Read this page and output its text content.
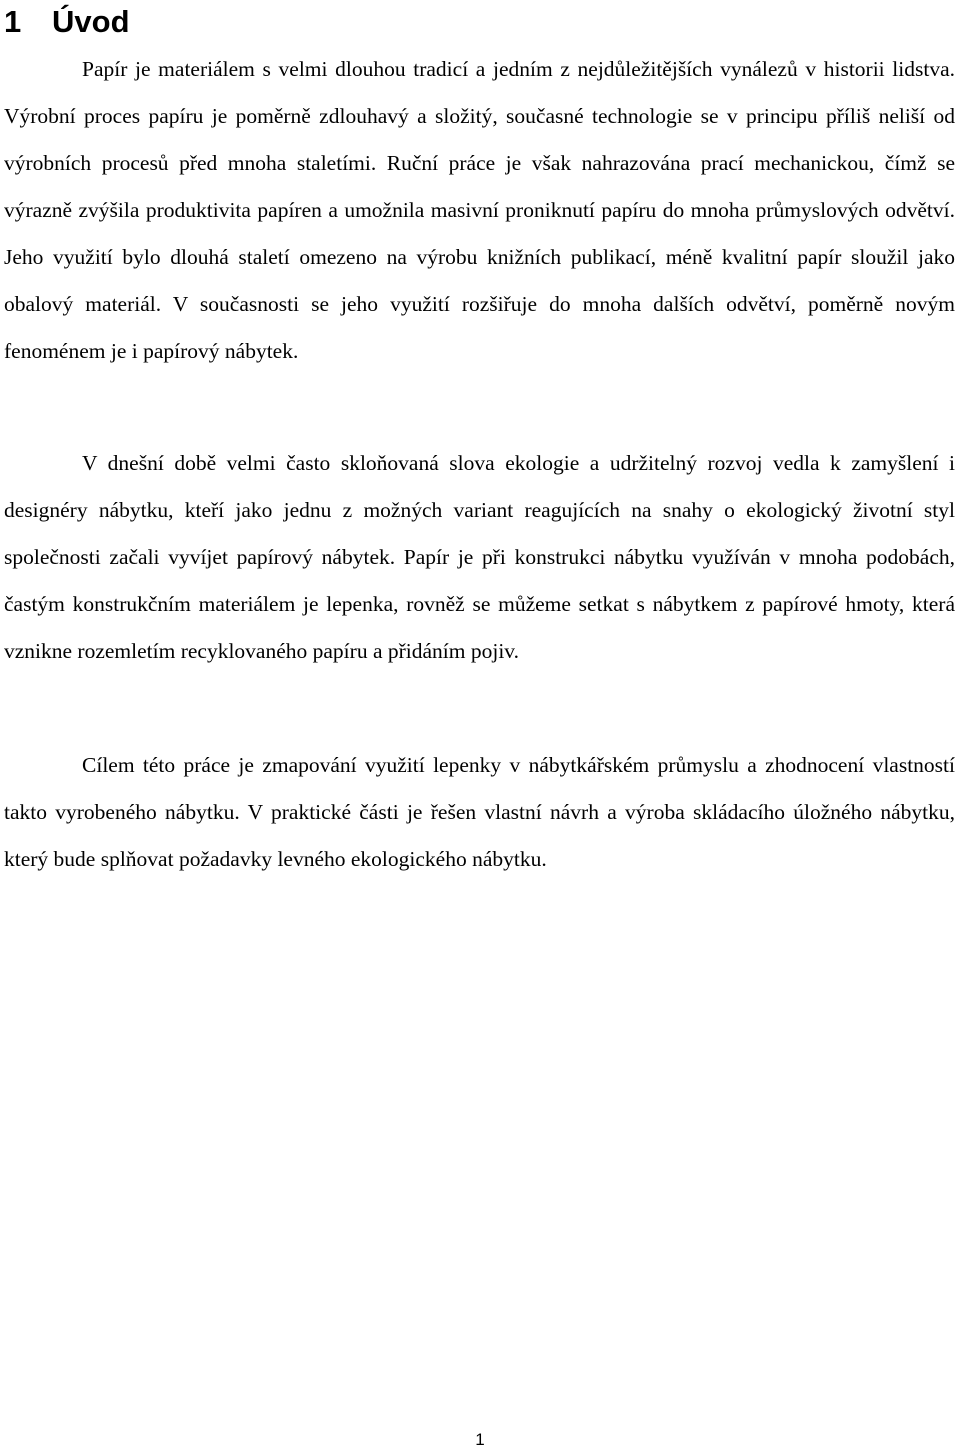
1 Úvod

Papír je materiálem s velmi dlouhou tradicí a jedním z nejdůležitějších vynálezů v historii lidstva. Výrobní proces papíru je poměrně zdlouhavý a složitý, současné technologie se v principu příliš neliší od výrobních procesů před mnoha staletími. Ruční práce je však nahrazována prací mechanickou, čímž se výrazně zvýšila produktivita papíren a umožnila masivní proniknutí papíru do mnoha průmyslových odvětví. Jeho využití bylo dlouhá staletí omezeno na výrobu knižních publikací, méně kvalitní papír sloužil jako obalový materiál. V současnosti se jeho využití rozšiřuje do mnoha dalších odvětví, poměrně novým fenoménem je i papírový nábytek.

V dnešní době velmi často skloňovaná slova ekologie a udržitelný rozvoj vedla k zamyšlení i designéry nábytku, kteří jako jednu z možných variant reagujících na snahy o ekologický životní styl společnosti začali vyvíjet papírový nábytek. Papír je při konstrukci nábytku využíván v mnoha podobách, častým konstrukčním materiálem je lepenka, rovněž se můžeme setkat s nábytkem z papírové hmoty, která vznikne rozemletím recyklovaného papíru a přidáním pojiv.

Cílem této práce je zmapování využití lepenky v nábytkářském průmyslu a zhodnocení vlastností takto vyrobeného nábytku. V praktické části je řešen vlastní návrh a výroba skládacího úložného nábytku, který bude splňovat požadavky levného ekologického nábytku.

1
